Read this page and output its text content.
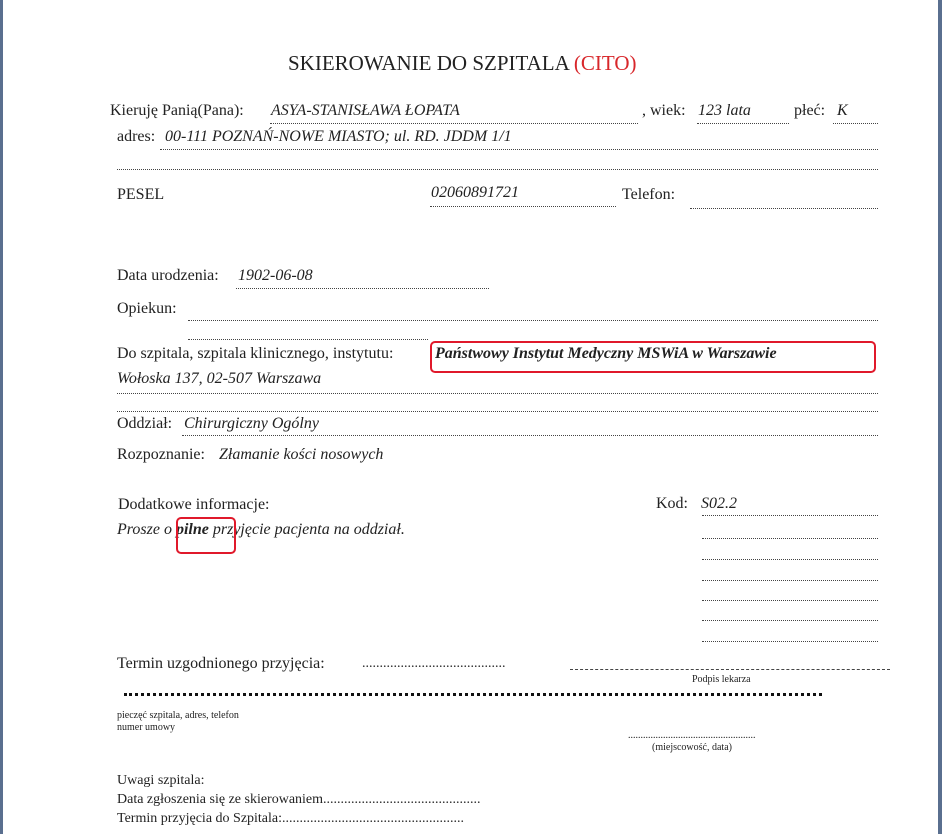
SKIEROWANIE DO SZPITALA (CITO)
Kieruję Panią(Pana): ASYA-STANISŁAWA ŁOPATA	, wiek: 123 lata	płeć: K
adres: 00-111 POZNAŃ-NOWE MIASTO; ul. RD. JDDM 1/1
PESEL	02060891721	Telefon:
Data urodzenia: 1902-06-08
Opiekun:
Do szpitala, szpitala klinicznego, instytutu:	Państwowy Instytut Medyczny MSWiA w Warszawie
Wołoska 137, 02-507 Warszawa
Oddział: Chirurgiczny Ogólny
Rozpoznanie: Złamanie kości nosowych
Dodatkowe informacje:
Prosze o pilne przyjęcie pacjenta na oddział.
Kod: S02.2
Termin uzgodnionego przyjęcia:	.........................................
Podpis lekarza
pieczęć szpitala, adres, telefon
numer umowy
...................................................
(miejscowość, data)
Uwagi szpitala:
Data zgłoszenia się ze skierowaniem.............................................
Termin przyjęcia do Szpitala:....................................................
